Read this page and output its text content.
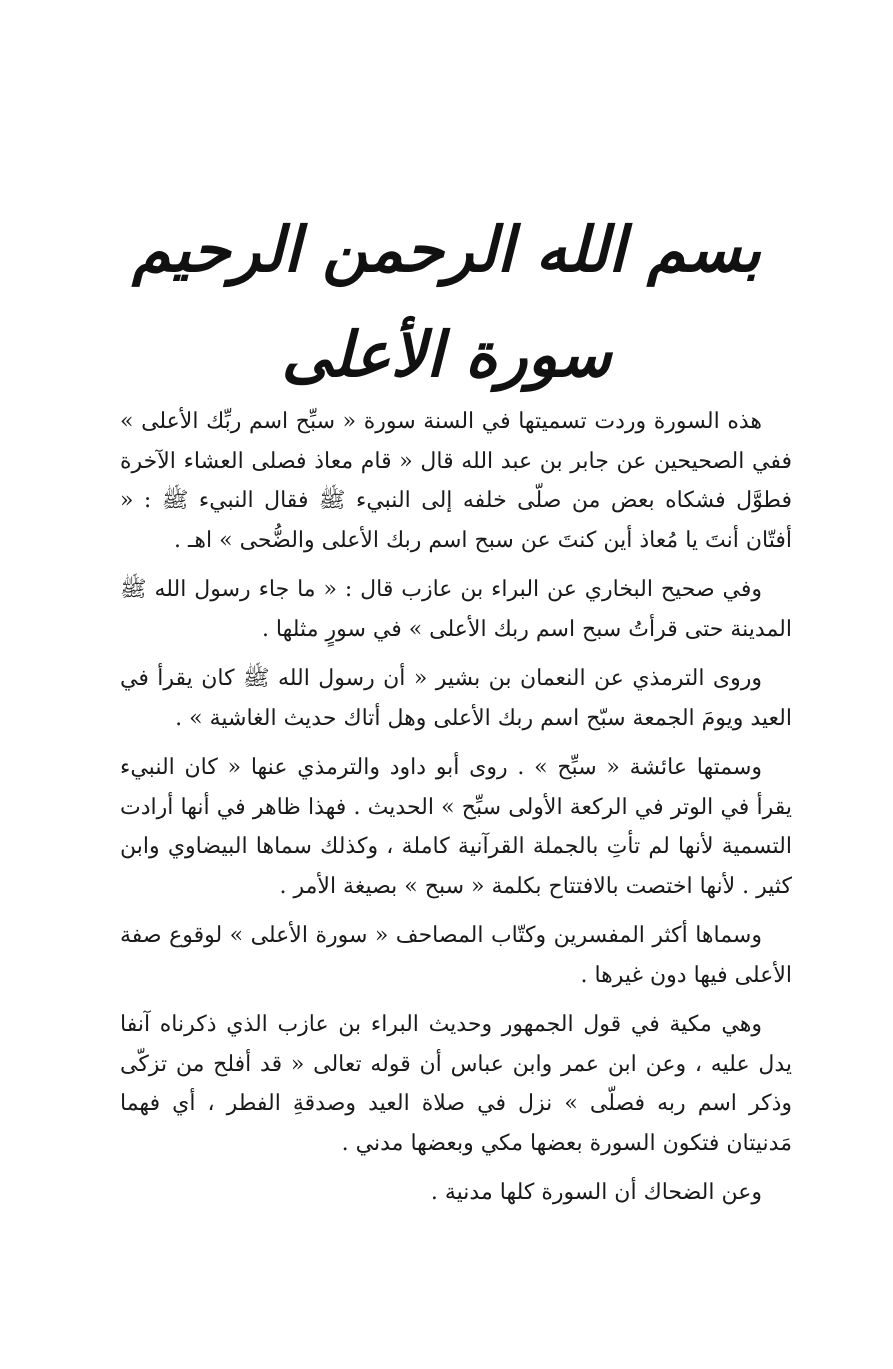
بسم الله الرحمن الرحيم
سورة الأعلى

هذه السورة وردت تسميتها في السنة سورة « سبِّح اسم ربِّك الأعلى » ففي الصحيحين عن جابر بن عبد الله قال « قام معاذ فصلى العشاء الآخرة فطوَّل فشكاه بعض من صلّى خلفه إلى النبيء ﷺ فقال النبيء ﷺ : « أفتّان أنتَ يا مُعاذ أين كنتَ عن سبح اسم ربك الأعلى والضُّحى » اهـ .

وفي صحيح البخاري عن البراء بن عازب قال : « ما جاء رسول الله ﷺ المدينة حتى قرأتُ سبح اسم ربك الأعلى » في سورٍ مثلها .

وروى الترمذي عن النعمان بن بشير « أن رسول الله ﷺ كان يقرأ في العيد ويومَ الجمعة سبّح اسم ربك الأعلى وهل أتاك حديث الغاشية » .

وسمتها عائشة « سبِّح » . روى أبو داود والترمذي عنها « كان النبيء يقرأ في الوتر في الركعة الأولى سبِّح » الحديث . فهذا ظاهر في أنها أرادت التسمية لأنها لم تأتِ بالجملة القرآنية كاملة ، وكذلك سماها البيضاوي وابن كثير . لأنها اختصت بالافتتاح بكلمة « سبح » بصيغة الأمر .

وسماها أكثر المفسرين وكتّاب المصاحف « سورة الأعلى » لوقوع صفة الأعلى فيها دون غيرها .

وهي مكية في قول الجمهور وحديث البراء بن عازب الذي ذكرناه آنفا يدل عليه ، وعن ابن عمر وابن عباس أن قوله تعالى « قد أفلح من تزكّى وذكر اسم ربه فصلّى » نزل في صلاة العيد وصدقةِ الفطر ، أي فهما مَدنيتان فتكون السورة بعضها مكي وبعضها مدني .

وعن الضحاك أن السورة كلها مدنية .
